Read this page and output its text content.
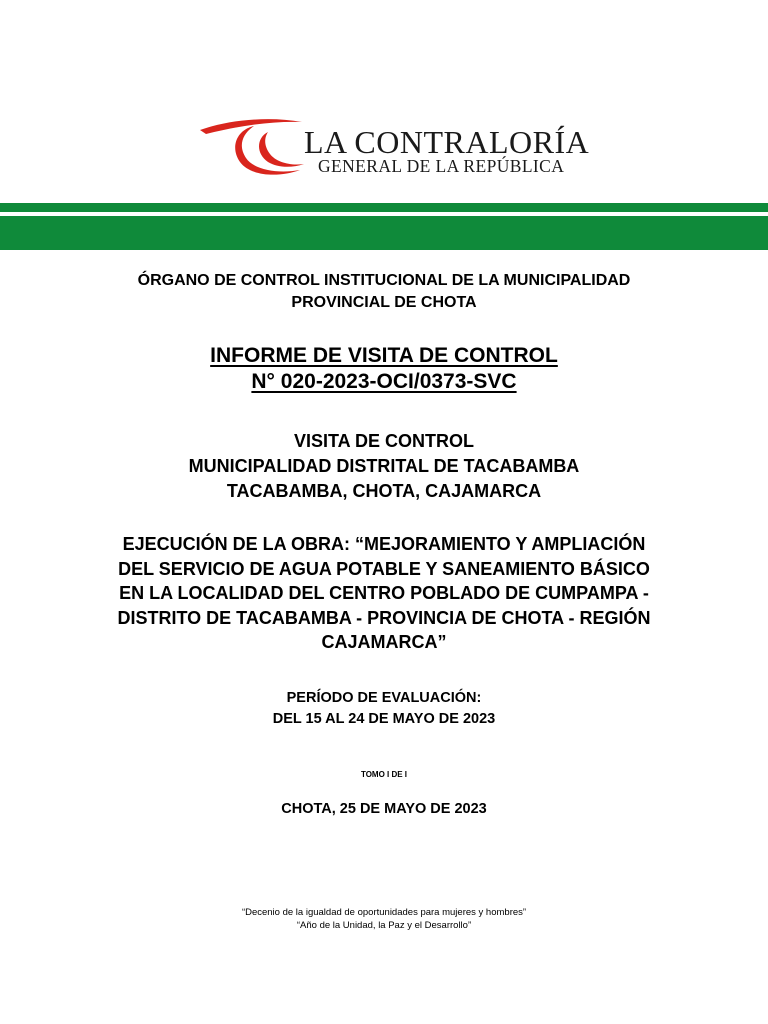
LA CONTRALORÍA
GENERAL DE LA REPÚBLICA
ÓRGANO DE CONTROL INSTITUCIONAL DE LA MUNICIPALIDAD
PROVINCIAL DE CHOTA
INFORME DE VISITA DE CONTROL
N° 020-2023-OCI/0373-SVC
VISITA DE CONTROL
MUNICIPALIDAD DISTRITAL DE TACABAMBA
TACABAMBA, CHOTA, CAJAMARCA
EJECUCIÓN DE LA OBRA: “MEJORAMIENTO Y AMPLIACIÓN
DEL SERVICIO DE AGUA POTABLE Y SANEAMIENTO BÁSICO
EN LA LOCALIDAD DEL CENTRO POBLADO DE CUMPAMPA -
DISTRITO DE TACABAMBA - PROVINCIA DE CHOTA - REGIÓN
CAJAMARCA”
PERÍODO DE EVALUACIÓN:
DEL 15 AL 24 DE MAYO DE 2023
TOMO I DE I
CHOTA, 25 DE MAYO DE 2023
“Decenio de la igualdad de oportunidades para mujeres y hombres”
“Año de la Unidad, la Paz y el Desarrollo”
